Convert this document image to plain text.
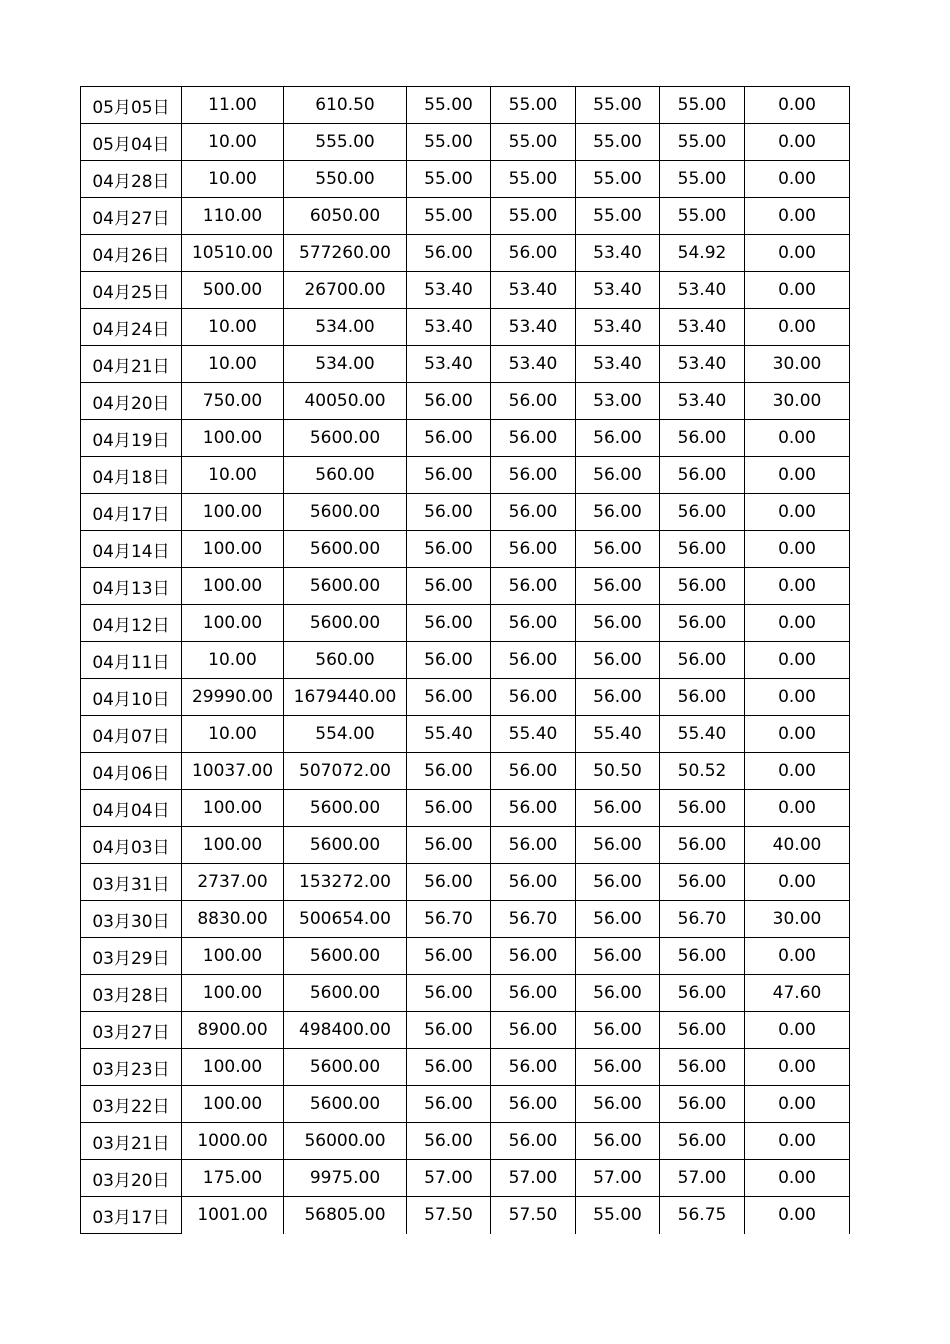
05月05日	11.00	610.50	55.00	55.00	55.00	55.00	0.00
05月04日	10.00	555.00	55.00	55.00	55.00	55.00	0.00
04月28日	10.00	550.00	55.00	55.00	55.00	55.00	0.00
04月27日	110.00	6050.00	55.00	55.00	55.00	55.00	0.00
04月26日	10510.00	577260.00	56.00	56.00	53.40	54.92	0.00
04月25日	500.00	26700.00	53.40	53.40	53.40	53.40	0.00
04月24日	10.00	534.00	53.40	53.40	53.40	53.40	0.00
04月21日	10.00	534.00	53.40	53.40	53.40	53.40	30.00
04月20日	750.00	40050.00	56.00	56.00	53.00	53.40	30.00
04月19日	100.00	5600.00	56.00	56.00	56.00	56.00	0.00
04月18日	10.00	560.00	56.00	56.00	56.00	56.00	0.00
04月17日	100.00	5600.00	56.00	56.00	56.00	56.00	0.00
04月14日	100.00	5600.00	56.00	56.00	56.00	56.00	0.00
04月13日	100.00	5600.00	56.00	56.00	56.00	56.00	0.00
04月12日	100.00	5600.00	56.00	56.00	56.00	56.00	0.00
04月11日	10.00	560.00	56.00	56.00	56.00	56.00	0.00
04月10日	29990.00	1679440.00	56.00	56.00	56.00	56.00	0.00
04月07日	10.00	554.00	55.40	55.40	55.40	55.40	0.00
04月06日	10037.00	507072.00	56.00	56.00	50.50	50.52	0.00
04月04日	100.00	5600.00	56.00	56.00	56.00	56.00	0.00
04月03日	100.00	5600.00	56.00	56.00	56.00	56.00	40.00
03月31日	2737.00	153272.00	56.00	56.00	56.00	56.00	0.00
03月30日	8830.00	500654.00	56.70	56.70	56.00	56.70	30.00
03月29日	100.00	5600.00	56.00	56.00	56.00	56.00	0.00
03月28日	100.00	5600.00	56.00	56.00	56.00	56.00	47.60
03月27日	8900.00	498400.00	56.00	56.00	56.00	56.00	0.00
03月23日	100.00	5600.00	56.00	56.00	56.00	56.00	0.00
03月22日	100.00	5600.00	56.00	56.00	56.00	56.00	0.00
03月21日	1000.00	56000.00	56.00	56.00	56.00	56.00	0.00
03月20日	175.00	9975.00	57.00	57.00	57.00	57.00	0.00
03月17日	1001.00	56805.00	57.50	57.50	55.00	56.75	0.00
